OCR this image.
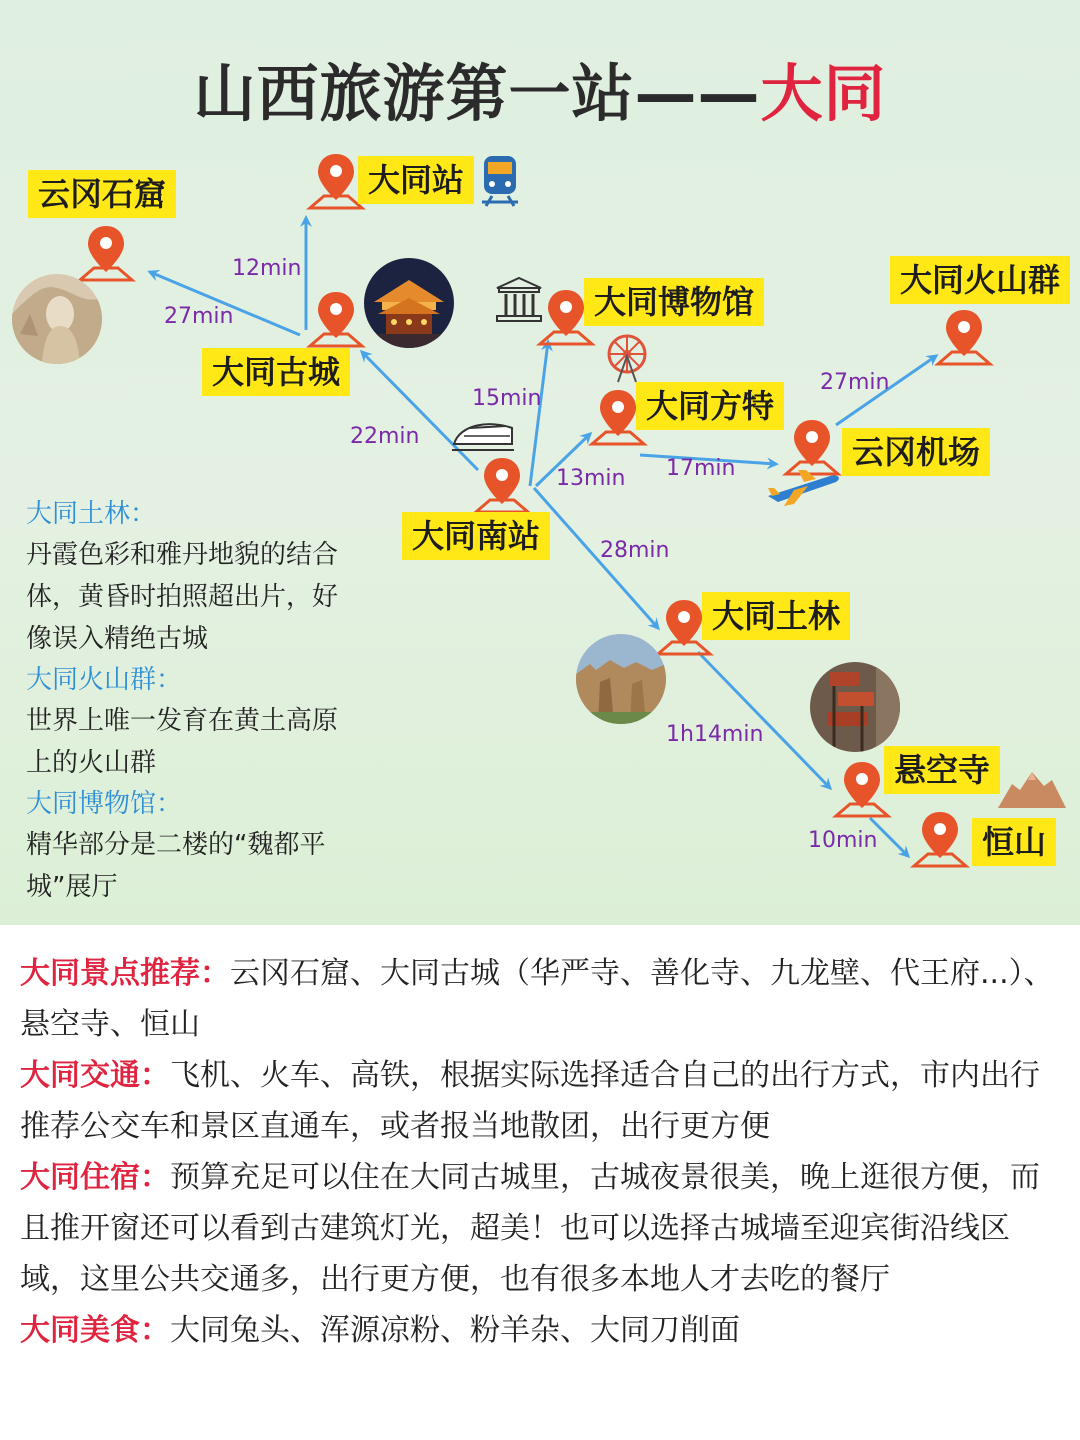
山西旅游第一站——大同
云冈石窟	大同站
大同古城
大同博物馆
大同火山群
大同方特
云冈机场
大同南站
大同土林
悬空寺
恒山
12min
27min
22min
15min
13min 17min
27min
28min
1h14min
10min
大同土林：
丹霞色彩和雅丹地貌的结合
体，黄昏时拍照超出片，好
像误入精绝古城
大同火山群：
世界上唯一发育在黄土高原
上的火山群
大同博物馆：
精华部分是二楼的“魏都平
城”展厅

大同景点推荐：云冈石窟、大同古城（华严寺、善化寺、九龙壁、代王府...）、悬空寺、恒山

大同交通：飞机、火车、高铁，根据实际选择适合自己的出行方式，市内出行推荐公交车和景区直通车，或者报当地散团，出行更方便

大同住宿：预算充足可以住在大同古城里，古城夜景很美，晚上逛很方便，而且推开窗还可以看到古建筑灯光，超美！也可以选择古城墙至迎宾街沿线区域，这里公共交通多，出行更方便，也有很多本地人才去吃的餐厅

大同美食：大同兔头、浑源凉粉、粉羊杂、大同刀削面
